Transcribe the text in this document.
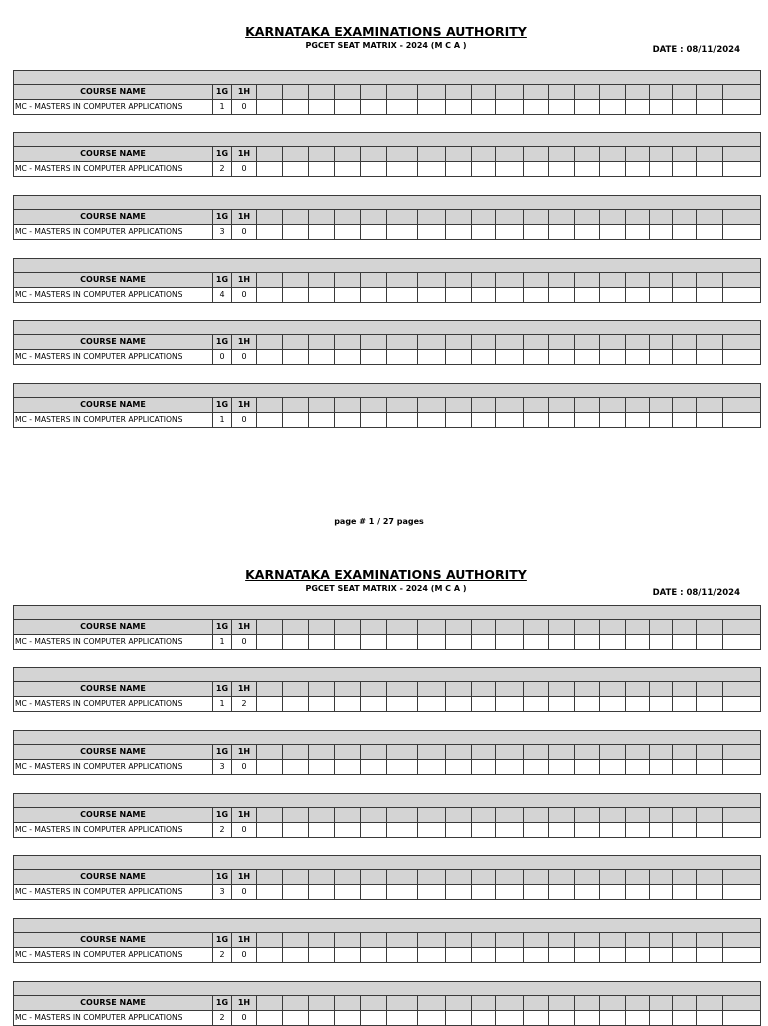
KARNATAKA EXAMINATIONS AUTHORITY
PGCET SEAT MATRIX - 2024 (M C A )	DATE : 08/11/2024

COURSE NAME	1G	1H																			
MC - MASTERS IN COMPUTER APPLICATIONS	1	0																			

COURSE NAME	1G	1H																			
MC - MASTERS IN COMPUTER APPLICATIONS	2	0																			

COURSE NAME	1G	1H																			
MC - MASTERS IN COMPUTER APPLICATIONS	3	0																			

COURSE NAME	1G	1H																			
MC - MASTERS IN COMPUTER APPLICATIONS	4	0																			

COURSE NAME	1G	1H																			
MC - MASTERS IN COMPUTER APPLICATIONS	0	0																			

COURSE NAME	1G	1H																			
MC - MASTERS IN COMPUTER APPLICATIONS	1	0																			
page # 1 / 27 pages
KARNATAKA EXAMINATIONS AUTHORITY
PGCET SEAT MATRIX - 2024 (M C A )	DATE : 08/11/2024

COURSE NAME	1G	1H																			
MC - MASTERS IN COMPUTER APPLICATIONS	1	0																			

COURSE NAME	1G	1H																			
MC - MASTERS IN COMPUTER APPLICATIONS	1	2																			

COURSE NAME	1G	1H																			
MC - MASTERS IN COMPUTER APPLICATIONS	3	0																			

COURSE NAME	1G	1H																			
MC - MASTERS IN COMPUTER APPLICATIONS	2	0																			

COURSE NAME	1G	1H																			
MC - MASTERS IN COMPUTER APPLICATIONS	3	0																			

COURSE NAME	1G	1H																			
MC - MASTERS IN COMPUTER APPLICATIONS	2	0																			

COURSE NAME	1G	1H																			
MC - MASTERS IN COMPUTER APPLICATIONS	2	0																			
